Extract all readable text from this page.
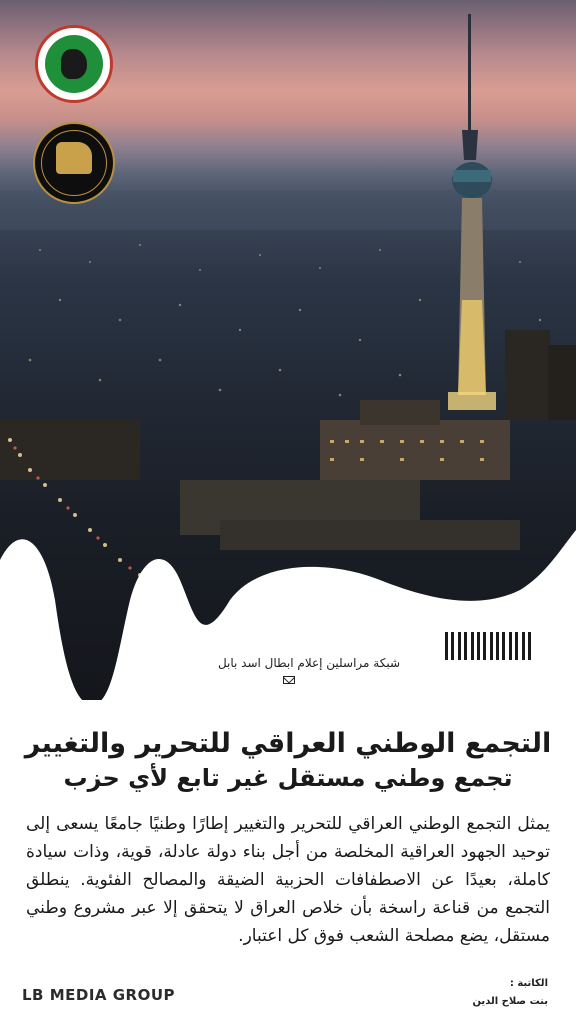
شبكة مراسلين إعلام ابطال اسد بابل
التجمع الوطني العراقي للتحرير والتغيير
تجمع وطني مستقل غير تابع لأي حزب
يمثل التجمع الوطني العراقي للتحرير والتغيير إطارًا وطنيًا جامعًا يسعى إلى توحيد الجهود العراقية المخلصة من أجل بناء دولة عادلة، قوية، وذات سيادة كاملة، بعيدًا عن الاصطفافات الحزبية الضيقة والمصالح الفئوية. ينطلق التجمع من قناعة راسخة بأن خلاص العراق لا يتحقق إلا عبر مشروع وطني مستقل، يضع مصلحة الشعب فوق كل اعتبار.
LB MEDIA GROUP
الكاتبة :
بنت صلاح الدين
